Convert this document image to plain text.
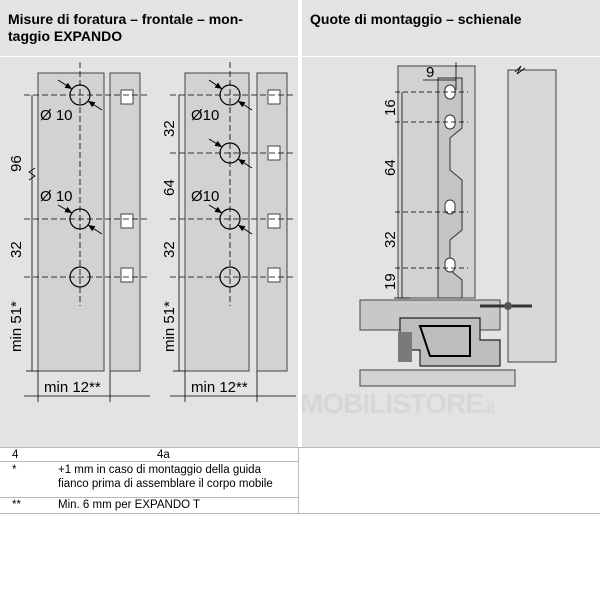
Misure di foratura – frontale – mon-
taggio EXPANDO
Quote di montaggio – schienale
Ø 10
Ø 10
96
32
min 51*
min 12**
Ø10
Ø10
32
64
32
min 51*
min 12**
9
16
64
32
19
MOBILISTORE.it
4	4a
*	+1 mm in caso di montaggio della guida
fianco prima di assemblare il corpo mobile
**	Min. 6 mm per EXPANDO T
